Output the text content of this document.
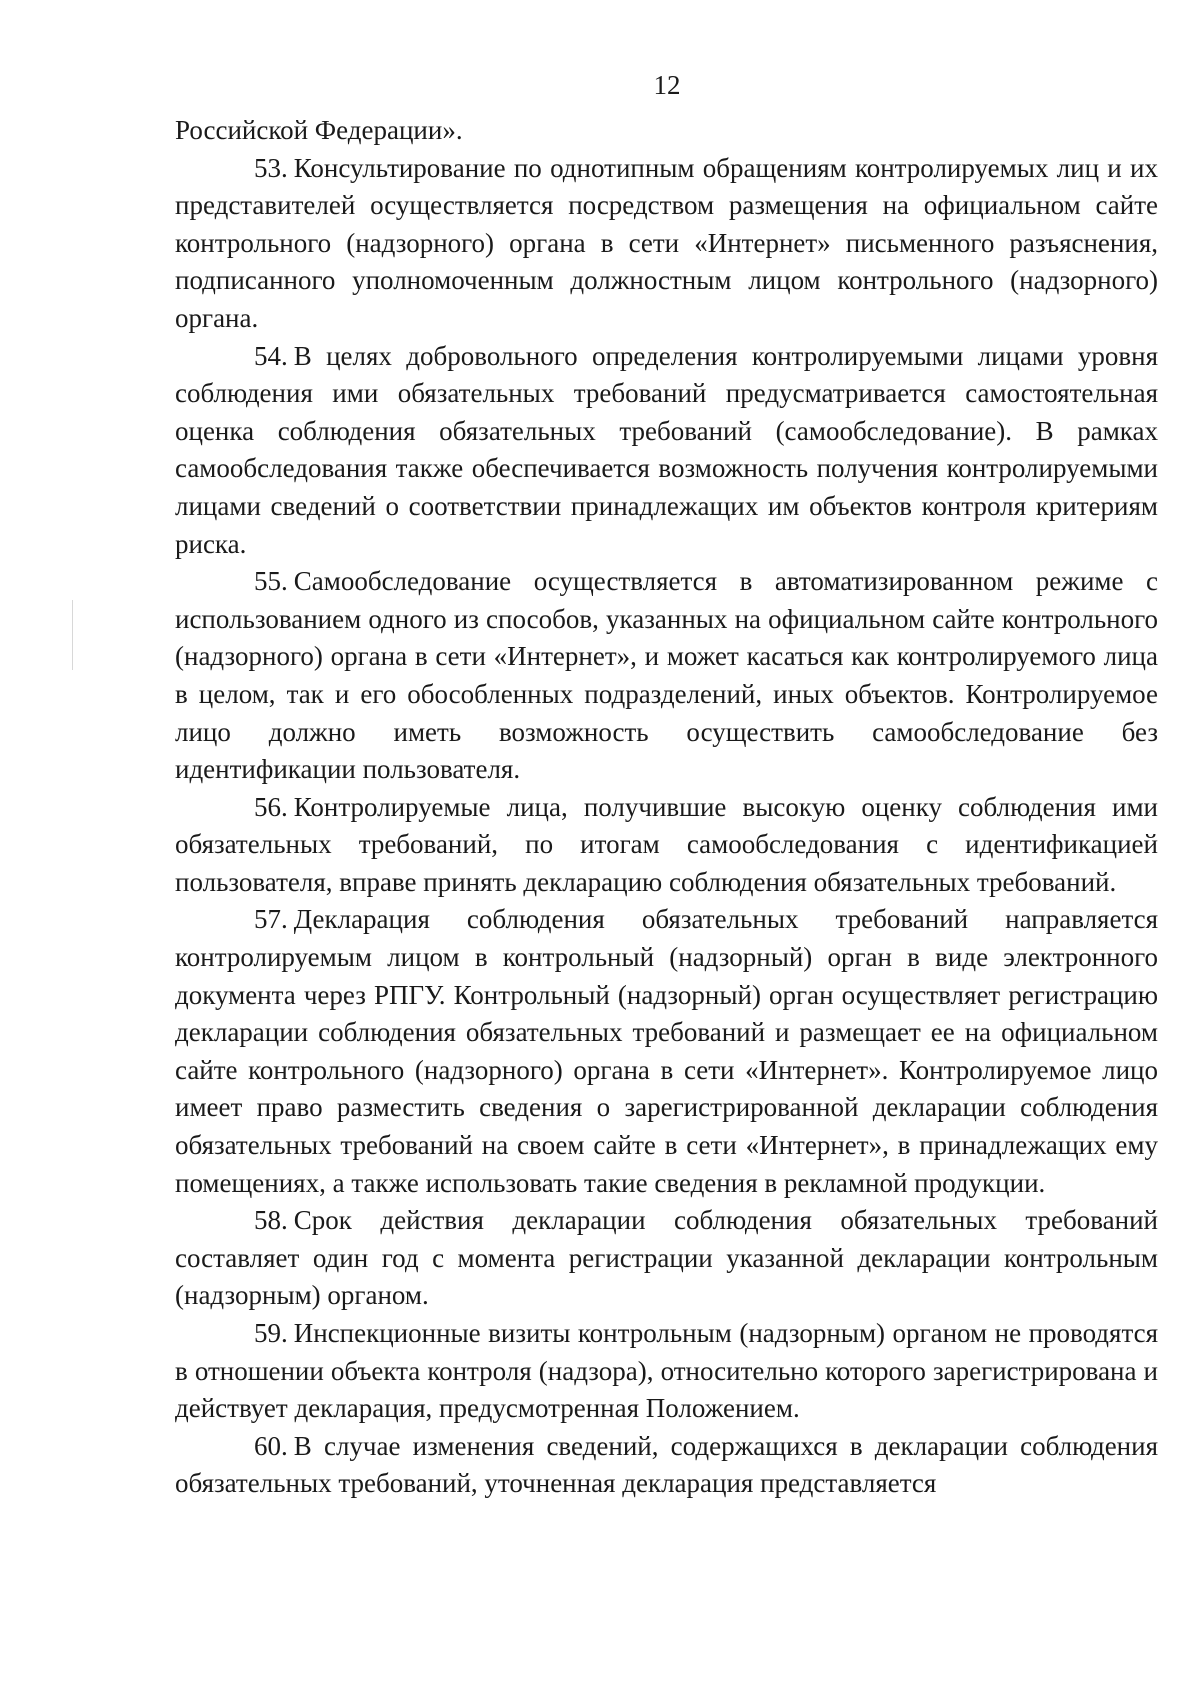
12

Российской Федерации».

53. Консультирование по однотипным обращениям контролируемых лиц и их представителей осуществляется посредством размещения на официальном сайте контрольного (надзорного) органа в сети «Интернет» письменного разъяснения, подписанного уполномоченным должностным лицом контрольного (надзорного) органа.

54. В целях добровольного определения контролируемыми лицами уровня соблюдения ими обязательных требований предусматривается самостоятельная оценка соблюдения обязательных требований (самообследование). В рамках самообследования также обеспечивается возможность получения контролируемыми лицами сведений о соответствии принадлежащих им объектов контроля критериям риска.

55. Самообследование осуществляется в автоматизированном режиме с использованием одного из способов, указанных на официальном сайте контрольного (надзорного) органа в сети «Интернет», и может касаться как контролируемого лица в целом, так и его обособленных подразделений, иных объектов. Контролируемое лицо должно иметь возможность осуществить самообследование без идентификации пользователя.

56. Контролируемые лица, получившие высокую оценку соблюдения ими обязательных требований, по итогам самообследования с идентификацией пользователя, вправе принять декларацию соблюдения обязательных требований.

57. Декларация соблюдения обязательных требований направляется контролируемым лицом в контрольный (надзорный) орган в виде электронного документа через РПГУ. Контрольный (надзорный) орган осуществляет регистрацию декларации соблюдения обязательных требований и размещает ее на официальном сайте контрольного (надзорного) органа в сети «Интернет». Контролируемое лицо имеет право разместить сведения о зарегистрированной декларации соблюдения обязательных требований на своем сайте в сети «Интернет», в принадлежащих ему помещениях, а также использовать такие сведения в рекламной продукции.

58. Срок действия декларации соблюдения обязательных требований составляет один год с момента регистрации указанной декларации контрольным (надзорным) органом.

59. Инспекционные визиты контрольным (надзорным) органом не проводятся в отношении объекта контроля (надзора), относительно которого зарегистрирована и действует декларация, предусмотренная Положением.

60. В случае изменения сведений, содержащихся в декларации соблюдения обязательных требований, уточненная декларация представляется
